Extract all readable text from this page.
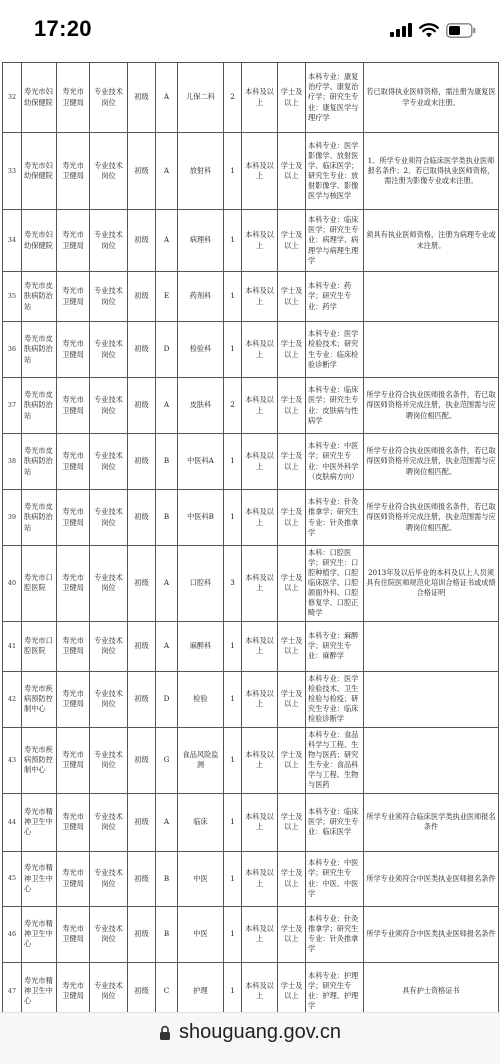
17:20

32	寿光市妇幼保健院	寿光市卫健局	专业技术岗位	初级	A	儿保二科	2	本科及以上	学士及以上	本科专业：康复治疗学、康复治疗学；研究生专业：康复医学与理疗学	若已取得执业医师资格，需注册为康复医学专业或未注册。
33	寿光市妇幼保健院	寿光市卫健局	专业技术岗位	初级	A	放射科	1	本科及以上	学士及以上	本科专业：医学影像学、放射医学、临床医学；研究生专业：放射影像学、影像医学与核医学	1、所学专业须符合临床医学类执业医师报名条件；2、若已取得执业医师资格，需注册为影像专业或未注册。
34	寿光市妇幼保健院	寿光市卫健局	专业技术岗位	初级	A	病理科	1	本科及以上	学士及以上	本科专业：临床医学；研究生专业：病理学、病理学与病理生理学	须具有执业医师资格，注册为病理专业或未注册。
35	寿光市皮肤病防治站	寿光市卫健局	专业技术岗位	初级	E	药剂科	1	本科及以上	学士及以上	本科专业：药学；研究生专业：药学	
36	寿光市皮肤病防治站	寿光市卫健局	专业技术岗位	初级	D	检验科	1	本科及以上	学士及以上	本科专业：医学检验技术；研究生专业：临床检验诊断学	
37	寿光市皮肤病防治站	寿光市卫健局	专业技术岗位	初级	A	皮肤科	2	本科及以上	学士及以上	本科专业：临床医学；研究生专业：皮肤病与性病学	所学专业符合执业医师报名条件，若已取得医师资格并完成注册，执业范围需与应聘岗位相匹配。
38	寿光市皮肤病防治站	寿光市卫健局	专业技术岗位	初级	B	中医科A	1	本科及以上	学士及以上	本科专业：中医学；研究生专业：中医外科学（皮肤病方向）	所学专业符合执业医师报名条件，若已取得医师资格并完成注册，执业范围需与应聘岗位相匹配。
39	寿光市皮肤病防治站	寿光市卫健局	专业技术岗位	初级	B	中医科B	1	本科及以上	学士及以上	本科专业：针灸推拿学；研究生专业：针灸推拿学	所学专业符合执业医师报名条件，若已取得医师资格并完成注册，执业范围需与应聘岗位相匹配。
40	寿光市口腔医院	寿光市卫健局	专业技术岗位	初级	A	口腔科	3	本科及以上	学士及以上	本科：口腔医学；研究生：口腔种植学、口腔临床医学、口腔颌面外科、口腔修复学、口腔正畸学	2013年及以后毕业的本科及以上人员须具有住院医师规范化培训合格证书或成绩合格证明
41	寿光市口腔医院	寿光市卫健局	专业技术岗位	初级	A	麻醉科	1	本科及以上	学士及以上	本科专业：麻醉学；研究生专业：麻醉学	
42	寿光市疾病预防控制中心	寿光市卫健局	专业技术岗位	初级	D	检验	1	本科及以上	学士及以上	本科专业：医学检验技术、卫生检验与检疫；研究生专业：临床检验诊断学	
43	寿光市疾病预防控制中心	寿光市卫健局	专业技术岗位	初级	G	食品风险监测	1	本科及以上	学士及以上	本科专业：食品科学与工程、生物与医药；研究生专业：食品科学与工程、生物与医药	
44	寿光市精神卫生中心	寿光市卫健局	专业技术岗位	初级	A	临床	1	本科及以上	学士及以上	本科专业：临床医学；研究生专业：临床医学	所学专业须符合临床医学类执业医师报名条件
45	寿光市精神卫生中心	寿光市卫健局	专业技术岗位	初级	B	中医	1	本科及以上	学士及以上	本科专业：中医学；研究生专业：中医、中医学	所学专业须符合中医类执业医师报名条件
46	寿光市精神卫生中心	寿光市卫健局	专业技术岗位	初级	B	中医	1	本科及以上	学士及以上	本科专业：针灸推拿学；研究生专业：针灸推拿学	所学专业须符合中医类执业医师报名条件
47	寿光市精神卫生中心	寿光市卫健局	专业技术岗位	初级	C	护理	1	本科及以上	学士及以上	本科专业：护理学；研究生专业：护理、护理学	具有护士资格证书

shouguang.gov.cn
